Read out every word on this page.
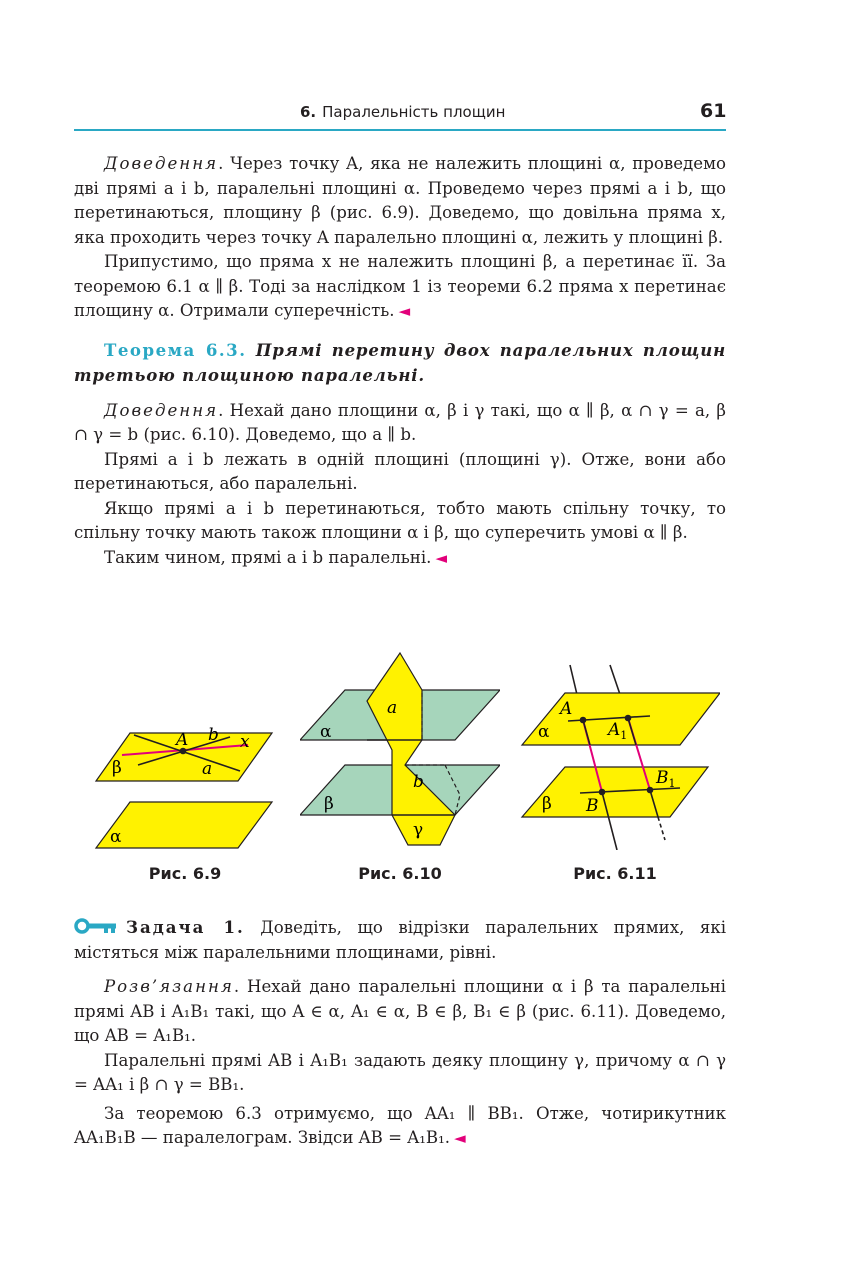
6. Паралельність площин	61

Доведення. Через точку A, яка не належить площині α, проведемо дві прямі a і b, паралельні площині α. Проведемо через прямі a і b, що перетинаються, площину β (рис. 6.9). Доведемо, що довільна пряма x, яка проходить через точку A паралельно площині α, лежить у площині β.

Припустимо, що пряма x не належить площині β, а перетинає її. За теоремою 6.1 α ∥ β. Тоді за наслідком 1 із теореми 6.2 пряма x перетинає площину α. Отримали суперечність. ◄

Теорема 6.3. Прямі перетину двох паралельних площин третьою площиною паралельні.

Доведення. Нехай дано площини α, β і γ такі, що α ∥ β, α ∩ γ = a, β ∩ γ = b (рис. 6.10). Доведемо, що a ∥ b.

Прямі a і b лежать в одній площині (площині γ). Отже, вони або перетинаються, або паралельні.

Якщо прямі a і b перетинаються, тобто мають спільну точку, то спільну точку мають також площини α і β, що суперечить умові α ∥ β.

Таким чином, прямі a і b паралельні. ◄

A b x
a
β
α
Рис. 6.9
a
b
α
β
γ
Рис. 6.10
A
$A_1$
B
$B_1$
α
β
Рис. 6.11

Задача 1. Доведіть, що відрізки паралельних прямих, які містяться між паралельними площинами, рівні.

Розв’язання. Нехай дано паралельні площини α і β та паралельні прямі AB і A₁B₁ такі, що A ∈ α, A₁ ∈ α, B ∈ β, B₁ ∈ β (рис. 6.11). Доведемо, що AB = A₁B₁.

Паралельні прямі AB і A₁B₁ задають деяку площину γ, причому α ∩ γ = AA₁ і β ∩ γ = BB₁.

За теоремою 6.3 отримуємо, що AA₁ ∥ BB₁. Отже, чотирикутник AA₁B₁B — паралелограм. Звідси AB = A₁B₁. ◄
